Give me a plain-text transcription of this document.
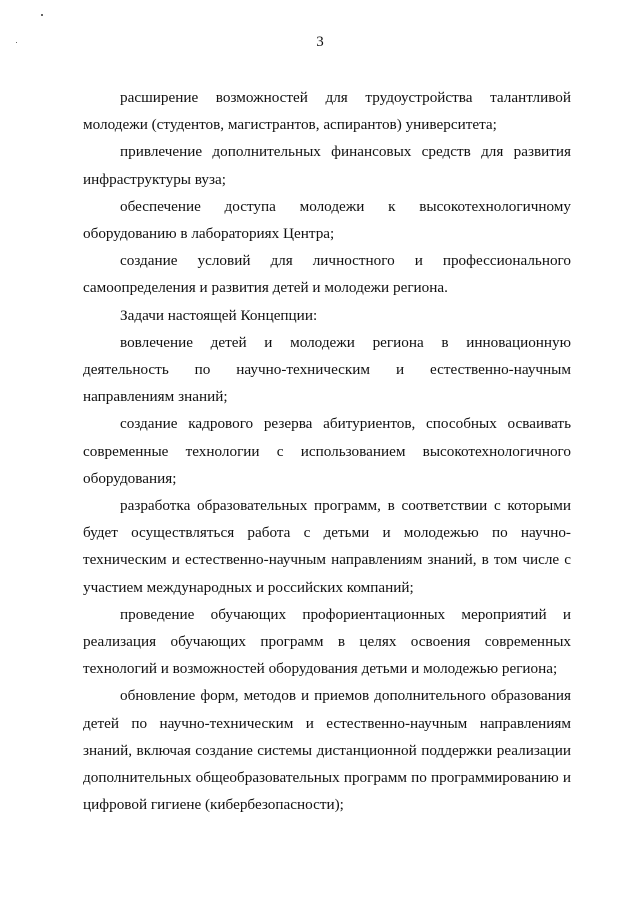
3

расширение возможностей для трудоустройства талантливой молодежи (студентов, магистрантов, аспирантов) университета;

привлечение дополнительных финансовых средств для развития инфраструктуры вуза;

обеспечение доступа молодежи к высокотехнологичному оборудованию в лабораториях Центра;

создание условий для личностного и профессионального самоопределения и развития детей и молодежи региона.

Задачи настоящей Концепции:

вовлечение детей и молодежи региона в инновационную деятельность по научно-техническим и естественно-научным направлениям знаний;

создание кадрового резерва абитуриентов, способных осваивать современные технологии с использованием высокотехнологичного оборудования;

разработка образовательных программ, в соответствии с которыми будет осуществляться работа с детьми и молодежью по научно-техническим и естественно-научным направлениям знаний, в том числе с участием международных и российских компаний;

проведение обучающих профориентационных мероприятий и реализация обучающих программ в целях освоения современных технологий и возможностей оборудования детьми и молодежью региона;

обновление форм, методов и приемов дополнительного образования детей по научно-техническим и естественно-научным направлениям знаний, включая создание системы дистанционной поддержки реализации дополнительных общеобразовательных программ по программированию и цифровой гигиене (кибербезопасности);
